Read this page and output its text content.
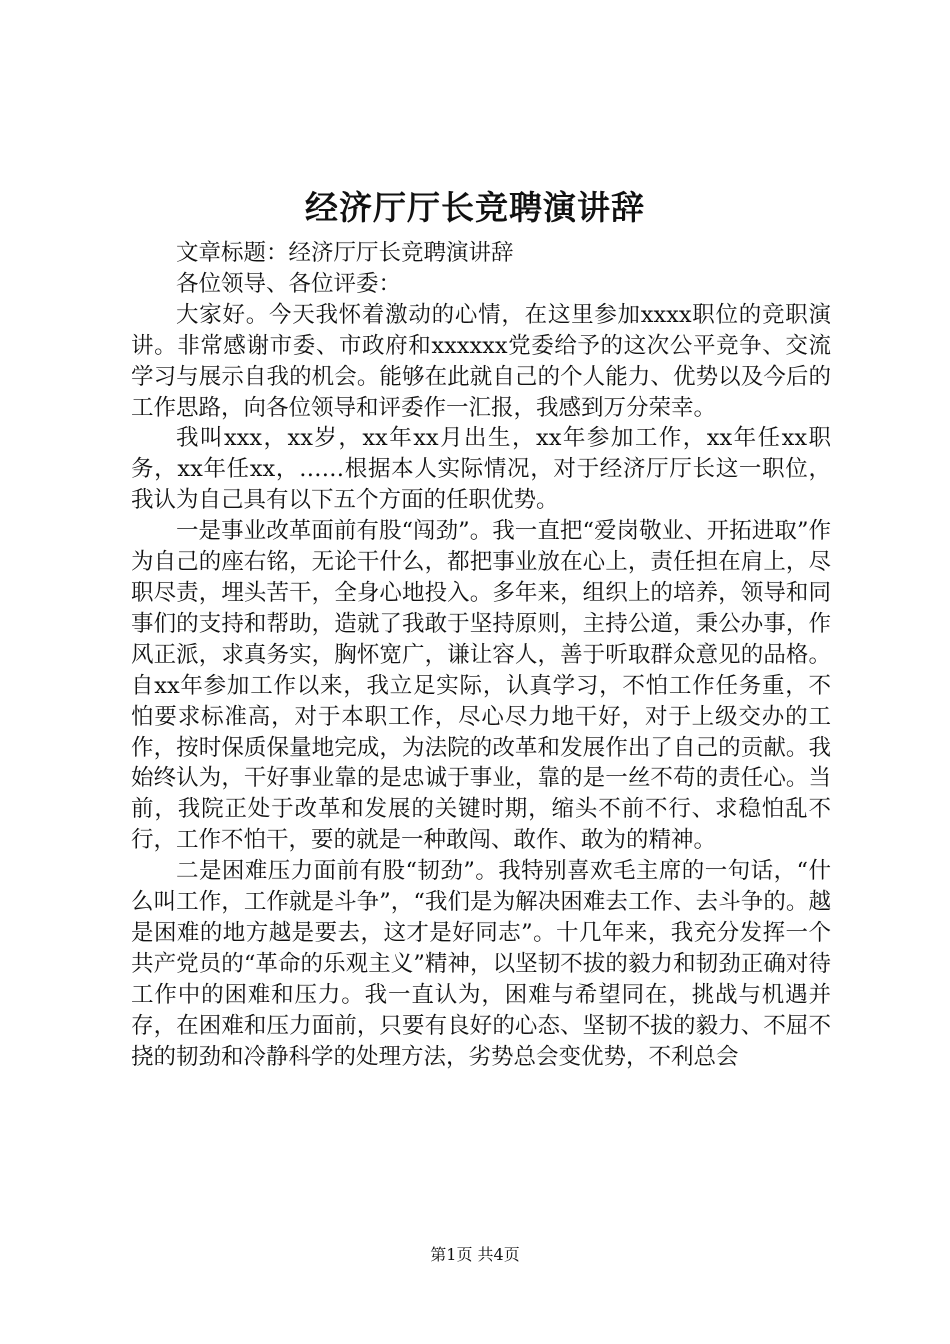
经济厅厅长竞聘演讲辞

文章标题：经济厅厅长竞聘演讲辞

各位领导、各位评委：

大家好。今天我怀着激动的心情，在这里参加xxxx职位的竞职演讲。非常感谢市委、市政府和xxxxxx党委给予的这次公平竞争、交流学习与展示自我的机会。能够在此就自己的个人能力、优势以及今后的工作思路，向各位领导和评委作一汇报，我感到万分荣幸。

我叫xxx，xx岁，xx年xx月出生，xx年参加工作，xx年任xx职务，xx年任xx，……根据本人实际情况，对于经济厅厅长这一职位，我认为自己具有以下五个方面的任职优势。

一是事业改革面前有股“闯劲”。我一直把“爱岗敬业、开拓进取”作为自己的座右铭，无论干什么，都把事业放在心上，责任担在肩上，尽职尽责，埋头苦干，全身心地投入。多年来，组织上的培养，领导和同事们的支持和帮助，造就了我敢于坚持原则，主持公道，秉公办事，作风正派，求真务实，胸怀宽广，谦让容人，善于听取群众意见的品格。自xx年参加工作以来，我立足实际，认真学习，不怕工作任务重，不怕要求标准高，对于本职工作，尽心尽力地干好，对于上级交办的工作，按时保质保量地完成，为法院的改革和发展作出了自己的贡献。我始终认为，干好事业靠的是忠诚于事业，靠的是一丝不苟的责任心。当前，我院正处于改革和发展的关键时期，缩头不前不行、求稳怕乱不行，工作不怕干，要的就是一种敢闯、敢作、敢为的精神。

二是困难压力面前有股“韧劲”。我特别喜欢毛主席的一句话，“什么叫工作，工作就是斗争”，“我们是为解决困难去工作、去斗争的。越是困难的地方越是要去，这才是好同志”。十几年来，我充分发挥一个共产党员的“革命的乐观主义”精神，以坚韧不拔的毅力和韧劲正确对待工作中的困难和压力。我一直认为，困难与希望同在，挑战与机遇并存，在困难和压力面前，只要有良好的心态、坚韧不拔的毅力、不屈不挠的韧劲和冷静科学的处理方法，劣势总会变优势，不利总会

第1页 共4页
